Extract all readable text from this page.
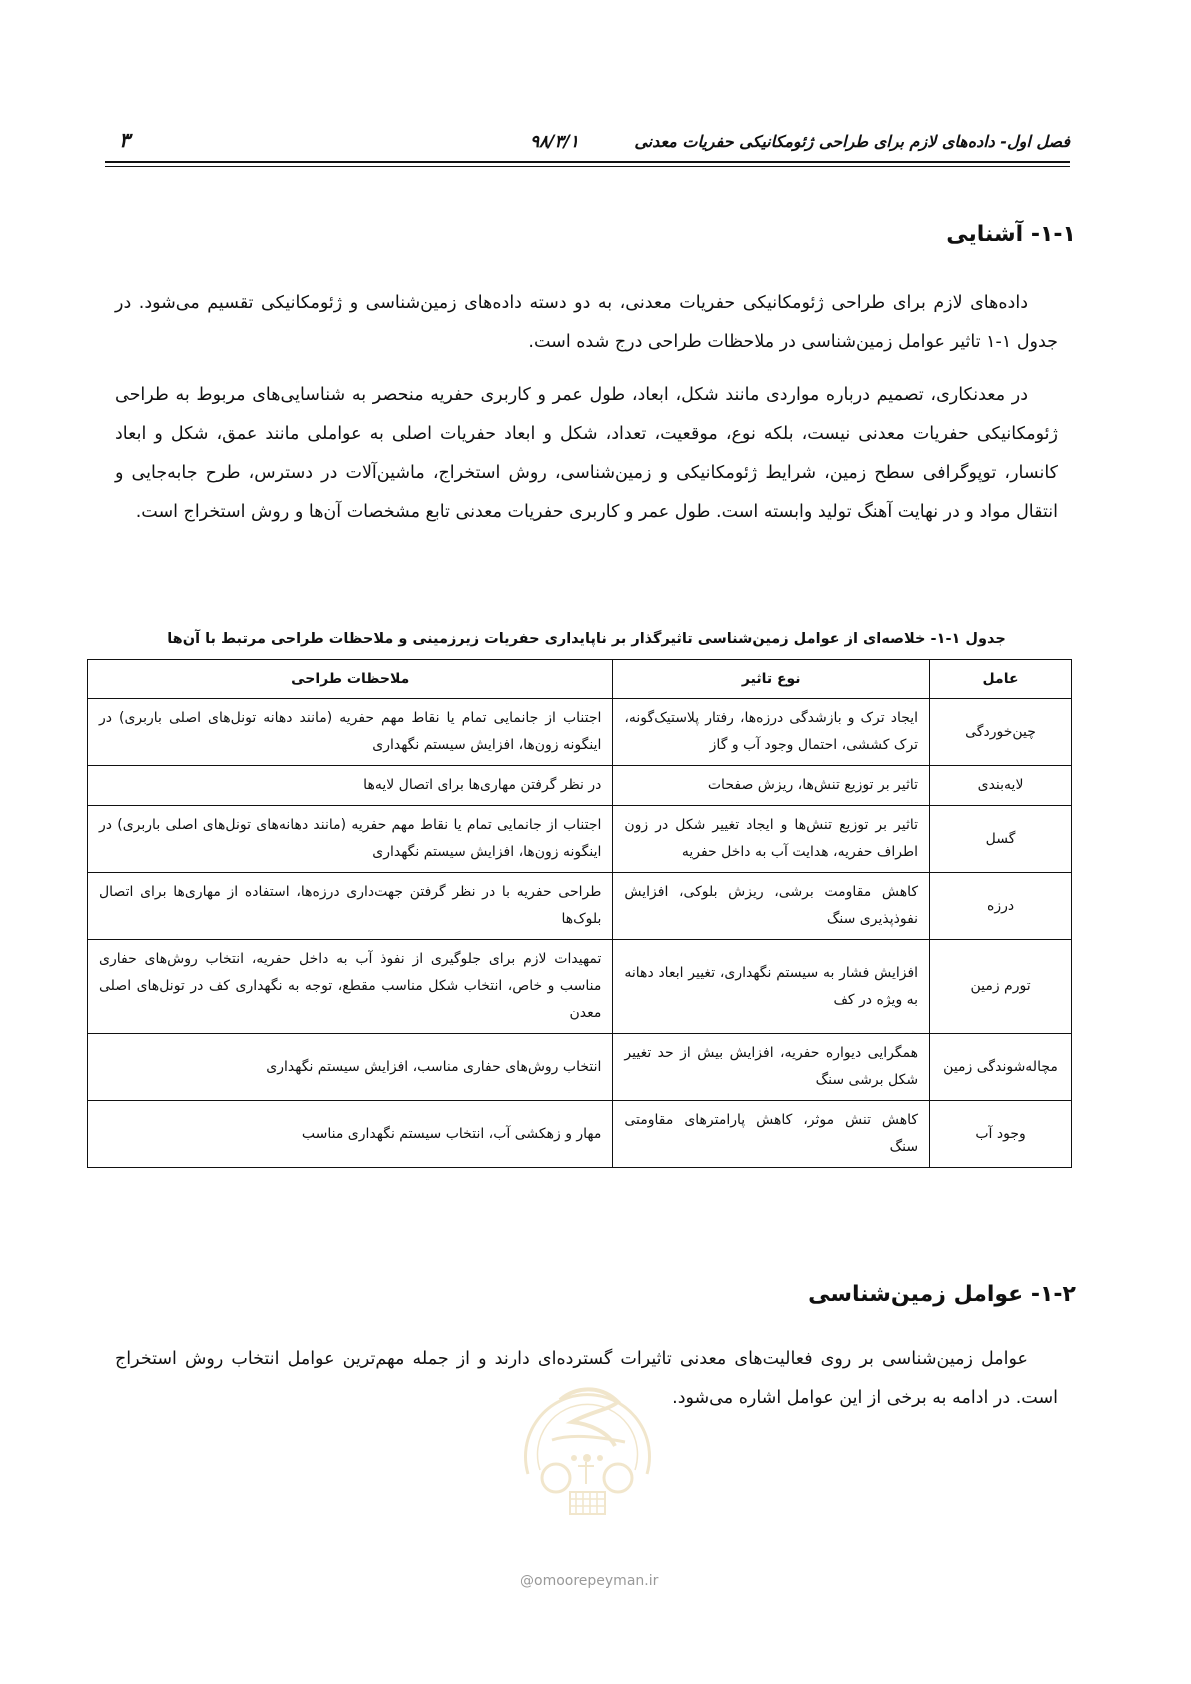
فصل اول- داده‌های لازم برای طراحی ژئومکانیکی حفریات معدنی
۹۸/۳/۱
۳
۱-۱- آشنایی

داده‌های لازم برای طراحی ژئومکانیکی حفریات معدنی، به دو دسته داده‌های زمین‌شناسی و ژئومکانیکی تقسیم می‌شود. در جدول ۱-۱ تاثیر عوامل زمین‌شناسی در ملاحظات طراحی درج شده است.

در معدنکاری، تصمیم درباره مواردی مانند شکل، ابعاد، طول عمر و کاربری حفریه منحصر به شناسایی‌های مربوط به طراحی ژئومکانیکی حفریات معدنی نیست، بلکه نوع، موقعیت، تعداد، شکل و ابعاد حفریات اصلی به عواملی مانند عمق، شکل و ابعاد کانسار، توپوگرافی سطح زمین، شرایط ژئومکانیکی و زمین‌شناسی، روش استخراج، ماشین‌آلات در دسترس، طرح جابه‌جایی و انتقال مواد و در نهایت آهنگ تولید وابسته است. طول عمر و کاربری حفریات معدنی تابع مشخصات آن‌ها و روش استخراج است.

جدول ۱-۱- خلاصه‌ای از عوامل زمین‌شناسی تاثیرگذار بر ناپایداری حفریات زیرزمینی و ملاحظات طراحی مرتبط با آن‌ها

عامل	نوع تاثیر	ملاحظات طراحی
چین‌خوردگی	ایجاد ترک و بازشدگی درزه‌ها، رفتار پلاستیک‌گونه، ترک کششی، احتمال وجود آب و گاز	اجتناب از جانمایی تمام یا نقاط مهم حفریه (مانند دهانه تونل‌های اصلی باربری) در اینگونه زون‌ها، افزایش سیستم نگهداری
لایه‌بندی	تاثیر بر توزیع تنش‌ها، ریزش صفحات	در نظر گرفتن مهاری‌ها برای اتصال لایه‌ها
گسل	تاثیر بر توزیع تنش‌ها و ایجاد تغییر شکل در زون اطراف حفریه، هدایت آب به داخل حفریه	اجتناب از جانمایی تمام یا نقاط مهم حفریه (مانند دهانه‌های تونل‌های اصلی باربری) در اینگونه زون‌ها، افزایش سیستم نگهداری
درزه	کاهش مقاومت برشی، ریزش بلوکی، افزایش نفوذپذیری سنگ	طراحی حفریه با در نظر گرفتن جهت‌داری درزه‌ها، استفاده از مهاری‌ها برای اتصال بلوک‌ها
تورم زمین	افزایش فشار به سیستم نگهداری، تغییر ابعاد دهانه به ویژه در کف	تمهیدات لازم برای جلوگیری از نفوذ آب به داخل حفریه، انتخاب روش‌های حفاری مناسب و خاص، انتخاب شکل مناسب مقطع، توجه به نگهداری کف در تونل‌های اصلی معدن
مچاله‌شوندگی زمین	همگرایی دیواره حفریه، افزایش بیش از حد تغییر شکل برشی سنگ	انتخاب روش‌های حفاری مناسب، افزایش سیستم نگهداری
وجود آب	کاهش تنش موثر، کاهش پارامترهای مقاومتی سنگ	مهار و زهکشی آب، انتخاب سیستم نگهداری مناسب
۱-۲- عوامل زمین‌شناسی

عوامل زمین‌شناسی بر روی فعالیت‌های معدنی تاثیرات گسترده‌ای دارند و از جمله مهم‌ترین عوامل انتخاب روش استخراج است. در ادامه به برخی از این عوامل اشاره می‌شود.

@omoorepeyman.ir
